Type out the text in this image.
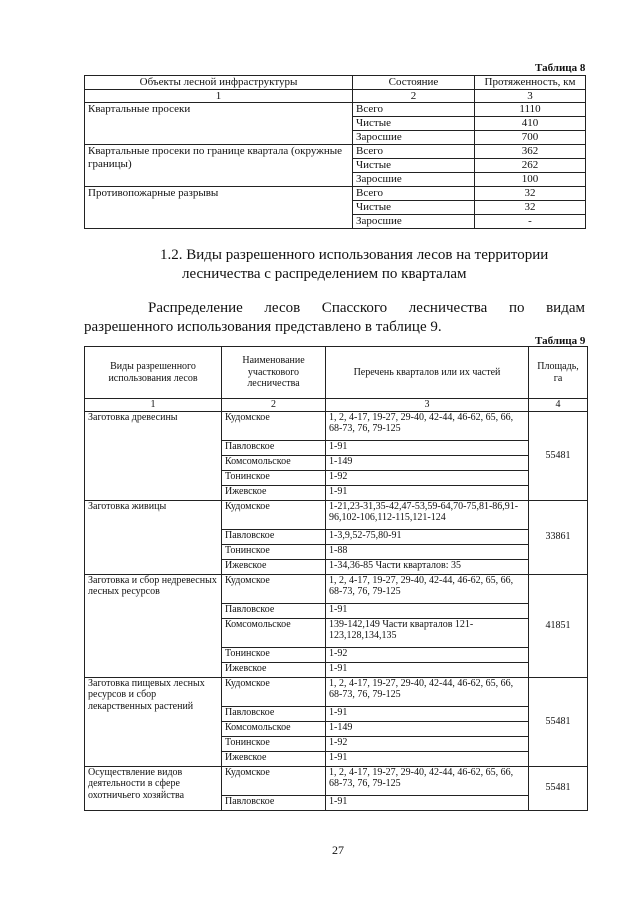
Таблица 8
Объекты лесной инфраструктуры	Состояние	Протяженность, км
1	2	3
Квартальные просеки	Всего	1110
	Чистые	410
	Заросшие	700
Квартальные просеки по границе квартала (окружные границы)	Всего	362
	Чистые	262
	Заросшие	100
Противопожарные разрывы	Всего	32
	Чистые	32
	Заросшие	-
1.2. Виды разрешенного использования лесов на территории
лесничества с распределением по кварталам
Распределение лесов Спасского лесничества по видам
разрешенного использования представлено в таблице 9.
Таблица 9
Виды разрешенного использования лесов	Наименование участкового лесничества	Перечень кварталов или их частей	Площадь, га
1	2	3	4
Заготовка древесины	Кудомское	1, 2, 4-17, 19-27, 29-40, 42-44, 46-62, 65, 66, 68-73, 76, 79-125	55481
	Павловское	1-91	
	Комсомольское	1-149	
	Тонинское	1-92	
	Ижевское	1-91	
Заготовка живицы	Кудомское	1-21,23-31,35-42,47-53,59-64,70-75,81-86,91-96,102-106,112-115,121-124	33861
	Павловское	1-3,9,52-75,80-91	
	Тонинское	1-88	
	Ижевское	1-34,36-85 Части кварталов: 35	
Заготовка и сбор недревесных лесных ресурсов	Кудомское	1, 2, 4-17, 19-27, 29-40, 42-44, 46-62, 65, 66, 68-73, 76, 79-125	41851
	Павловское	1-91	
	Комсомольское	139-142,149 Части кварталов 121-123,128,134,135	
	Тонинское	1-92	
	Ижевское	1-91	
Заготовка пищевых лесных ресурсов и сбор лекарственных растений	Кудомское	1, 2, 4-17, 19-27, 29-40, 42-44, 46-62, 65, 66, 68-73, 76, 79-125	55481
	Павловское	1-91	
	Комсомольскоe	1-149	
	Тонинское	1-92	
	Ижевское	1-91	
Осуществление видов деятельности в сфере охотничьего хозяйства	Кудомское	1, 2, 4-17, 19-27, 29-40, 42-44, 46-62, 65, 66, 68-73, 76, 79-125	55481
	Павловское	1-91	
27
